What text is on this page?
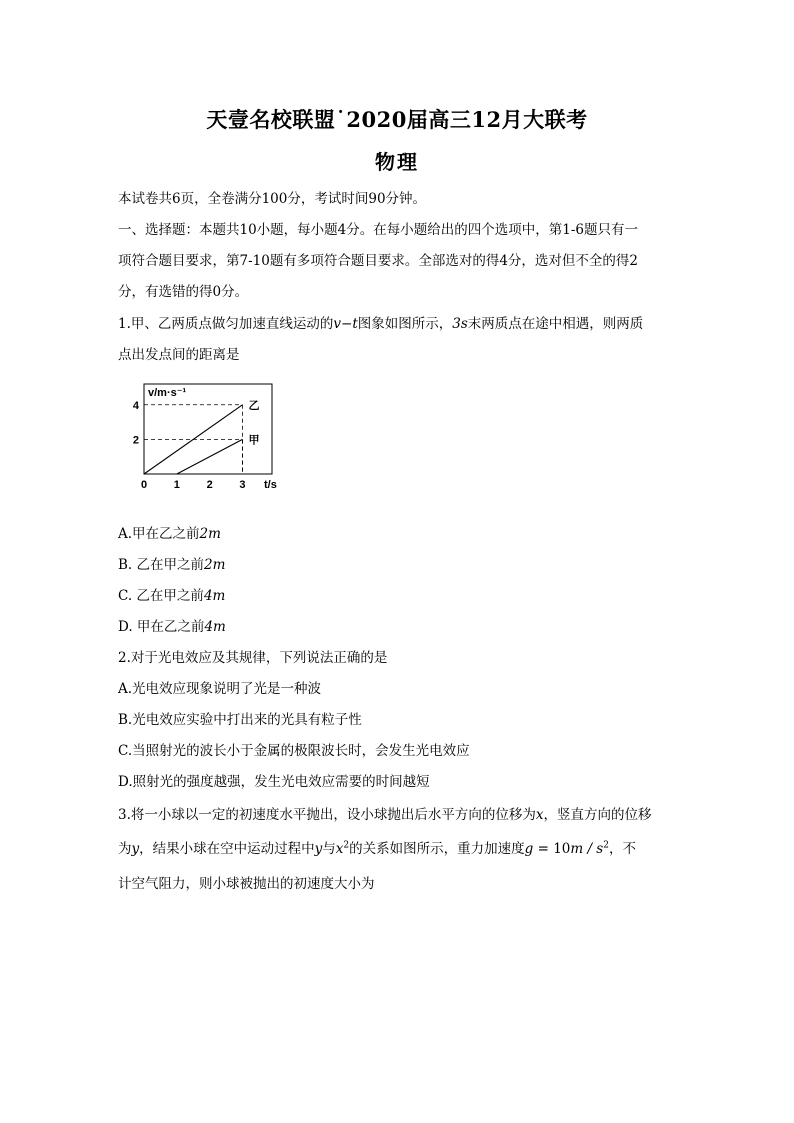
天壹名校联盟˙2020届高三12月大联考
物理
本试卷共6页，全卷满分100分，考试时间90分钟。
一、选择题：本题共10小题，每小题4分。在每小题给出的四个选项中，第1-6题只有一
项符合题目要求，第7-10题有多项符合题目要求。全部选对的得4分，选对但不全的得2
分，有选错的得0分。
1.甲、乙两质点做匀加速直线运动的v−t图象如图所示，3s末两质点在途中相遇，则两质
点出发点间的距离是
乙
甲
2
4
0 1 2 3
v/m·s⁻¹
t/s
A.甲在乙之前2m
B. 乙在甲之前2m
C. 乙在甲之前4m
D. 甲在乙之前4m
2.对于光电效应及其规律，下列说法正确的是
A.光电效应现象说明了光是一种波
B.光电效应实验中打出来的光具有粒子性
C.当照射光的波长小于金属的极限波长时，会发生光电效应
D.照射光的强度越强，发生光电效应需要的时间越短
3.将一小球以一定的初速度水平抛出，设小球抛出后水平方向的位移为x，竖直方向的位移
为y，结果小球在空中运动过程中y与$x^2$的关系如图所示，重力加速度$g = 10m / s^2$，不
计空气阻力，则小球被抛出的初速度大小为
